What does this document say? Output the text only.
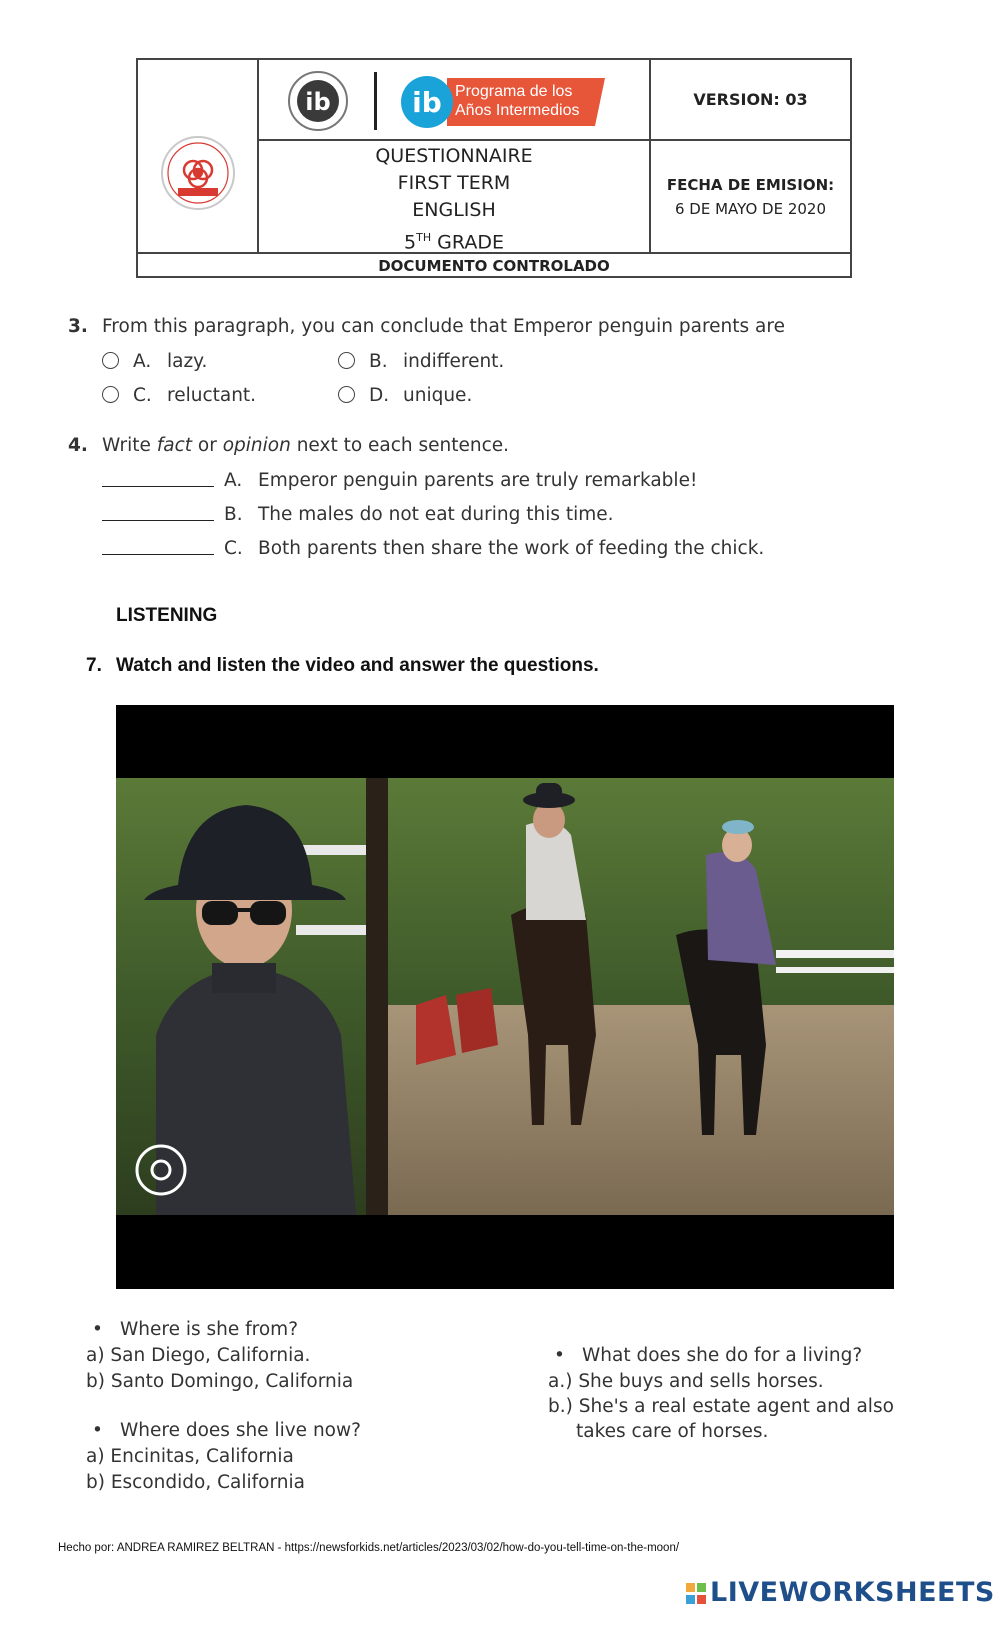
ib	ib Programa de los
Años Intermedios
VERSION: 03
QUESTIONNAIRE
FIRST TERM
ENGLISH
5TH GRADE
FECHA DE EMISION:
6 DE MAYO DE 2020
DOCUMENTO CONTROLADO
3. From this paragraph, you can conclude that Emperor penguin parents are
A. lazy.	B. indifferent.
C. reluctant.	D. unique.
4. Write fact or opinion next to each sentence.
A. Emperor penguin parents are truly remarkable!
B. The males do not eat during this time.
C. Both parents then share the work of feeding the chick.
LISTENING
7. Watch and listen the video and answer the questions.
• Where is she from?
a) San Diego, California.
b) Santo Domingo, California
• Where does she live now?
a) Encinitas, California
b) Escondido, California
• What does she do for a living?
a.) She buys and sells horses.
b.) She's a real estate agent and also
takes care of horses.
Hecho por: ANDREA RAMIREZ BELTRAN - https://newsforkids.net/articles/2023/03/02/how-do-you-tell-time-on-the-moon/
LIVEWORKSHEETS
